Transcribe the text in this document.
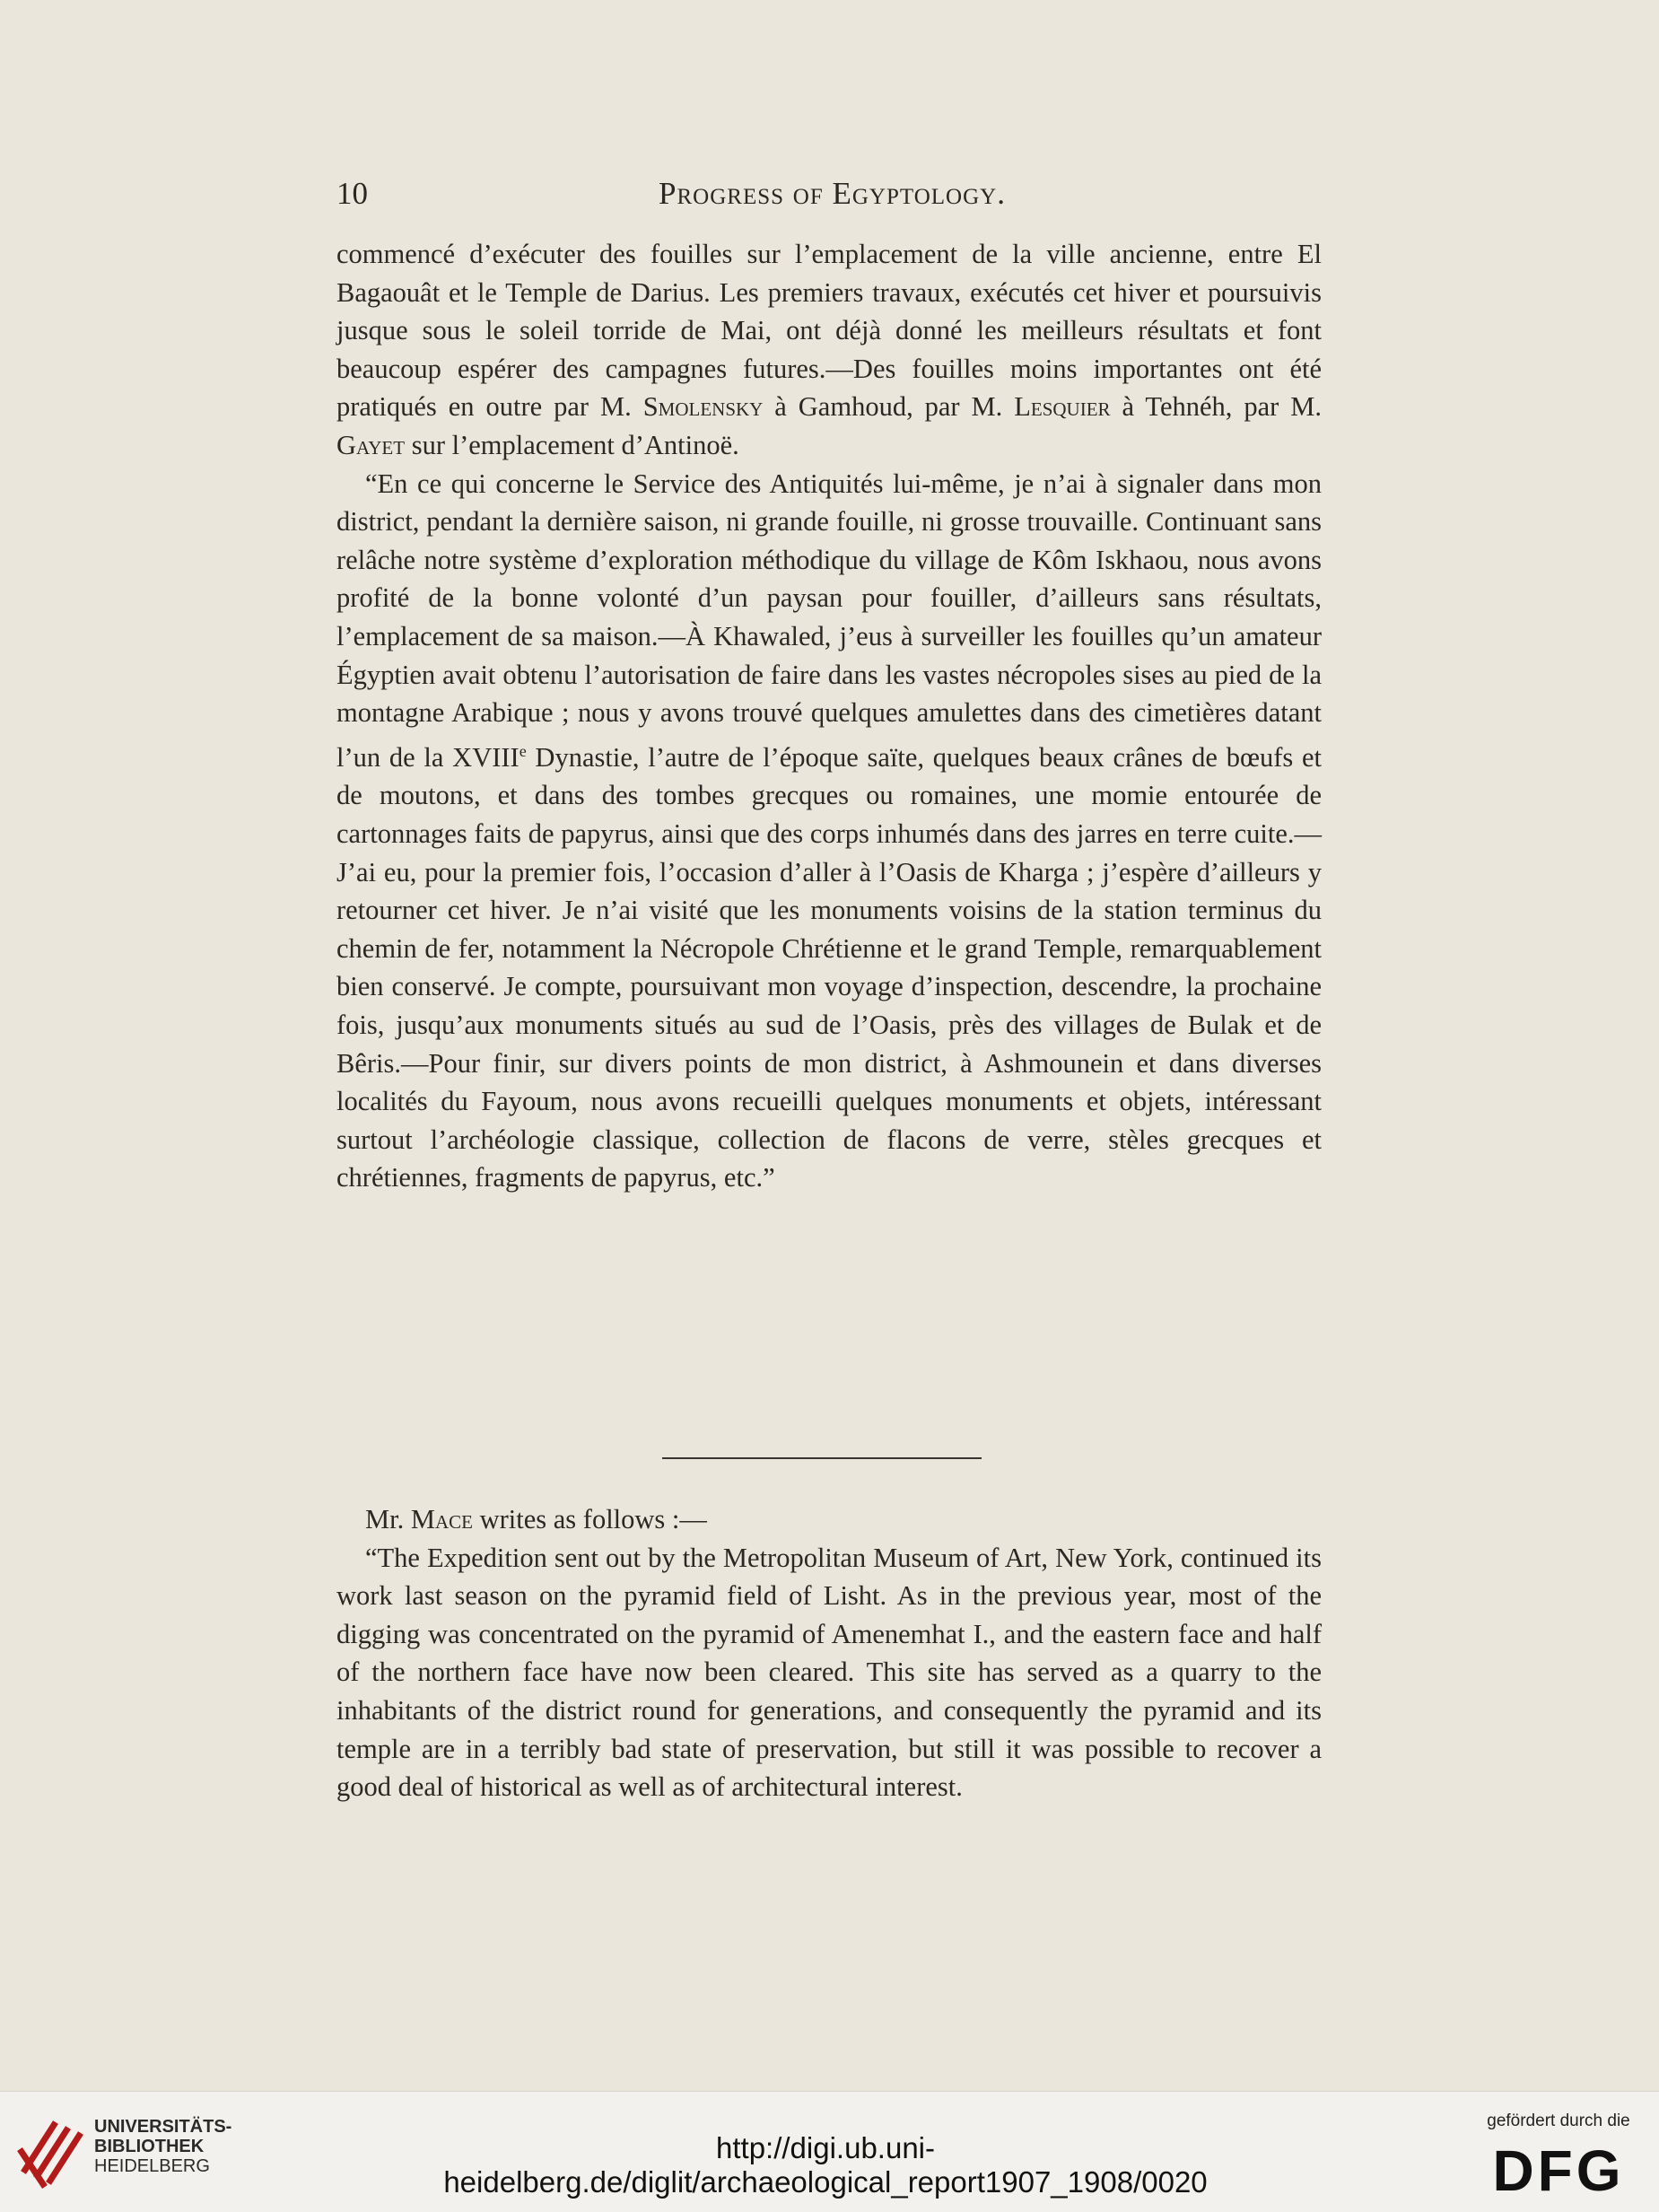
10	Progress of Egyptology.

commencé d’exécuter des fouilles sur l’emplacement de la ville ancienne, entre El Bagaouât et le Temple de Darius. Les premiers travaux, exécutés cet hiver et poursuivis jusque sous le soleil torride de Mai, ont déjà donné les meilleurs résultats et font beaucoup espérer des campagnes futures.—Des fouilles moins importantes ont été pratiqués en outre par M. Smolensky à Gamhoud, par M. Lesquier à Tehnéh, par M. Gayet sur l’emplacement d’Antinoë.

“En ce qui concerne le Service des Antiquités lui-même, je n’ai à signaler dans mon district, pendant la dernière saison, ni grande fouille, ni grosse trouvaille. Continuant sans relâche notre système d’exploration méthodique du village de Kôm Iskhaou, nous avons profité de la bonne volonté d’un paysan pour fouiller, d’ailleurs sans résultats, l’emplacement de sa maison.—À Khawaled, j’eus à surveiller les fouilles qu’un amateur Égyptien avait obtenu l’autorisation de faire dans les vastes nécropoles sises au pied de la montagne Arabique ; nous y avons trouvé quelques amulettes dans des cimetières datant l’un de la XVIIIe Dynastie, l’autre de l’époque saïte, quelques beaux crânes de bœufs et de moutons, et dans des tombes grecques ou romaines, une momie entourée de cartonnages faits de papyrus, ainsi que des corps inhumés dans des jarres en terre cuite.—J’ai eu, pour la premier fois, l’occasion d’aller à l’Oasis de Kharga ; j’espère d’ailleurs y retourner cet hiver. Je n’ai visité que les monuments voisins de la station terminus du chemin de fer, notamment la Nécropole Chrétienne et le grand Temple, remarquablement bien conservé. Je compte, poursuivant mon voyage d’inspection, descendre, la prochaine fois, jusqu’aux monuments situés au sud de l’Oasis, près des villages de Bulak et de Bêris.—Pour finir, sur divers points de mon district, à Ashmounein et dans diverses localités du Fayoum, nous avons recueilli quelques monuments et objets, intéressant surtout l’archéologie classique, collection de flacons de verre, stèles grecques et chrétiennes, fragments de papyrus, etc.”

Mr. Mace writes as follows :—

“The Expedition sent out by the Metropolitan Museum of Art, New York, continued its work last season on the pyramid field of Lisht. As in the previous year, most of the digging was concentrated on the pyramid of Amenemhat I., and the eastern face and half of the northern face have now been cleared. This site has served as a quarry to the inhabitants of the district round for generations, and consequently the pyramid and its temple are in a terribly bad state of preservation, but still it was possible to recover a good deal of historical as well as of architectural interest.

UNIVERSITÄTS-
BIBLIOTHEK
HEIDELBERG
http://digi.ub.uni-heidelberg.de/diglit/archaeological_report1907_1908/0020
gefördert durch die
DFG
